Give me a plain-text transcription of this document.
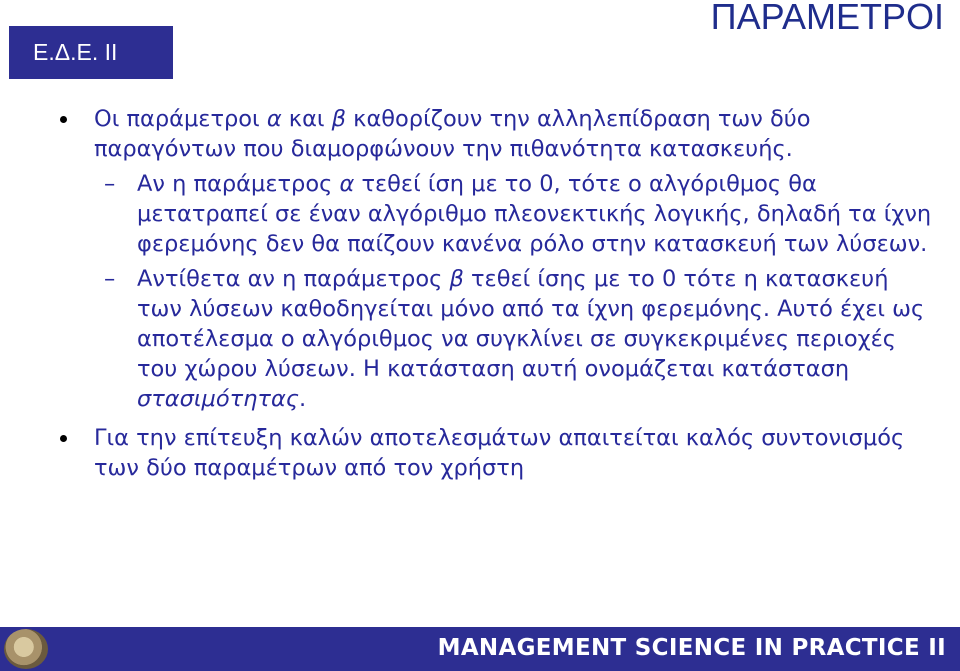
ΠΑΡΑΜΕΤΡΟΙ
Ε.Δ.Ε. ΙΙ
Οι παράμετροι α και β καθορίζουν την αλληλεπίδραση των δύο παραγόντων που διαμορφώνουν την πιθανότητα κατασκευής.
– Αν η παράμετρος α τεθεί ίση με το 0, τότε ο αλγόριθμος θα μετατραπεί σε έναν αλγόριθμο πλεονεκτικής λογικής, δηλαδή τα ίχνη φερεμόνης δεν θα παίζουν κανένα ρόλο στην κατασκευή των λύσεων.
– Αντίθετα αν η παράμετρος β τεθεί ίσης με το 0 τότε η κατασκευή των λύσεων καθοδηγείται μόνο από τα ίχνη φερεμόνης. Αυτό έχει ως αποτέλεσμα ο αλγόριθμος να συγκλίνει σε συγκεκριμένες περιοχές του χώρου λύσεων. Η κατάσταση αυτή ονομάζεται κατάσταση στασιμότητας.
Για την επίτευξη καλών αποτελεσμάτων απαιτείται καλός συντονισμός των δύο παραμέτρων από τον χρήστη
MANAGEMENT SCIENCE IN PRACTICE II
